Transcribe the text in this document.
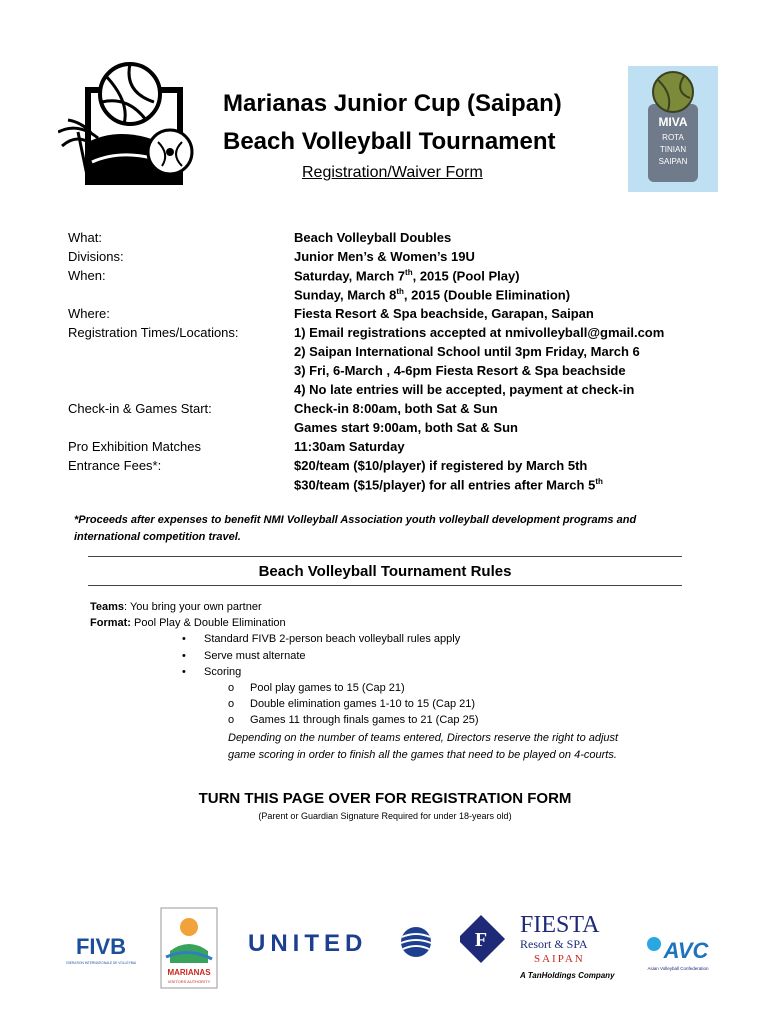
Marianas Junior Cup (Saipan)
Beach Volleyball Tournament
Registration/Waiver Form
MIVA
ROTA
TINIAN
SAIPAN
What:	Beach Volleyball Doubles
Divisions:	Junior Men’s & Women’s 19U
When:	Saturday, March 7th, 2015 (Pool Play)
Sunday, March 8th, 2015 (Double Elimination)
Where:	Fiesta Resort & Spa beachside, Garapan, Saipan
Registration Times/Locations:	1) Email registrations accepted at nmivolleyball@gmail.com
2) Saipan International School until 3pm Friday, March 6
3) Fri, 6-March , 4-6pm Fiesta Resort & Spa beachside
4) No late entries will be accepted, payment at check-in
Check-in & Games Start:	Check-in 8:00am, both Sat & Sun
Games start 9:00am, both Sat & Sun
Pro Exhibition Matches	11:30am Saturday
Entrance Fees*:	$20/team ($10/player) if registered by March 5th
$30/team ($15/player) for all entries after March 5th
*Proceeds after expenses to benefit NMI Volleyball Association youth volleyball development programs and international competition travel.
Beach Volleyball Tournament Rules
Teams: You bring your own partner
Format: Pool Play & Double Elimination
• Standard FIVB 2-person beach volleyball rules apply
• Serve must alternate
• Scoring
o Pool play games to 15 (Cap 21)
o Double elimination games 1-10 to 15 (Cap 21)
o Games 11 through finals games to 21 (Cap 25)
Depending on the number of teams entered, Directors reserve the right to adjust game scoring in order to finish all the games that need to be played on 4-courts.
TURN THIS PAGE OVER FOR REGISTRATION FORM
(Parent or Guardian Signature Required for under 18-years old)
FIVB
FEDERATION INTERNATIONALE DE VOLLEYBALL
MARIANAS
VISITORS AUTHORITY
UNITED	F
FIESTA
Resort & SPA
SAIPAN
A TanHoldings Company
AVC
Asian Volleyball Confederation
